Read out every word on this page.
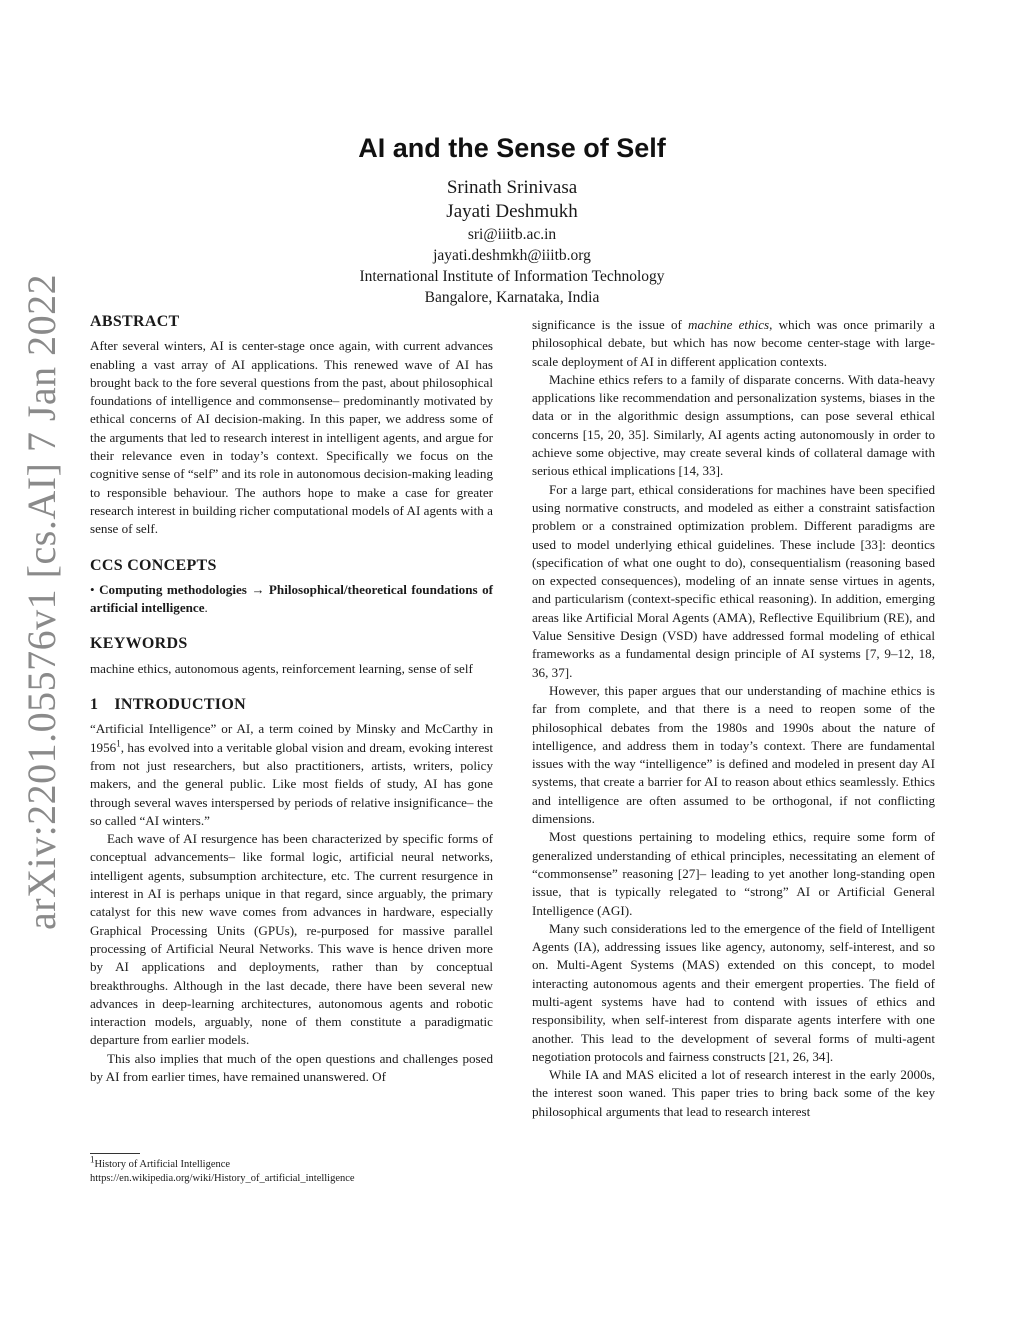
arXiv:2201.05576v1 [cs.AI] 7 Jan 2022
AI and the Sense of Self
Srinath Srinivasa
Jayati Deshmukh
sri@iiitb.ac.in
jayati.deshmkh@iiitb.org
International Institute of Information Technology
Bangalore, Karnataka, India
ABSTRACT

After several winters, AI is center-stage once again, with current advances enabling a vast array of AI applications. This renewed wave of AI has brought back to the fore several questions from the past, about philosophical foundations of intelligence and commonsense– predominantly motivated by ethical concerns of AI decision-making. In this paper, we address some of the arguments that led to research interest in intelligent agents, and argue for their relevance even in today’s context. Specifically we focus on the cognitive sense of “self” and its role in autonomous decision-making leading to responsible behaviour. The authors hope to make a case for greater research interest in building richer computational models of AI agents with a sense of self.

CCS CONCEPTS

• Computing methodologies → Philosophical/theoretical foundations of artificial intelligence.

KEYWORDS

machine ethics, autonomous agents, reinforcement learning, sense of self

1 INTRODUCTION

“Artificial Intelligence” or AI, a term coined by Minsky and McCarthy in 1956$^1$, has evolved into a veritable global vision and dream, evoking interest from not just researchers, but also practitioners, artists, writers, policy makers, and the general public. Like most fields of study, AI has gone through several waves interspersed by periods of relative insignificance– the so called “AI winters.”

Each wave of AI resurgence has been characterized by specific forms of conceptual advancements– like formal logic, artificial neural networks, intelligent agents, subsumption architecture, etc. The current resurgence in interest in AI is perhaps unique in that regard, since arguably, the primary catalyst for this new wave comes from advances in hardware, especially Graphical Processing Units (GPUs), re-purposed for massive parallel processing of Artificial Neural Networks. This wave is hence driven more by AI applications and deployments, rather than by conceptual breakthroughs. Although in the last decade, there have been several new advances in deep-learning architectures, autonomous agents and robotic interaction models, arguably, none of them constitute a paradigmatic departure from earlier models.

This also implies that much of the open questions and challenges posed by AI from earlier times, have remained unanswered. Of

$^1$History of Artificial Intelligence
https://en.wikipedia.org/wiki/History_of_artificial_intelligence

significance is the issue of machine ethics, which was once primarily a philosophical debate, but which has now become center-stage with large-scale deployment of AI in different application contexts.

Machine ethics refers to a family of disparate concerns. With data-heavy applications like recommendation and personalization systems, biases in the data or in the algorithmic design assumptions, can pose several ethical concerns [15, 20, 35]. Similarly, AI agents acting autonomously in order to achieve some objective, may create several kinds of collateral damage with serious ethical implications [14, 33].

For a large part, ethical considerations for machines have been specified using normative constructs, and modeled as either a constraint satisfaction problem or a constrained optimization problem. Different paradigms are used to model underlying ethical guidelines. These include [33]: deontics (specification of what one ought to do), consequentialism (reasoning based on expected consequences), modeling of an innate sense virtues in agents, and particularism (context-specific ethical reasoning). In addition, emerging areas like Artificial Moral Agents (AMA), Reflective Equilibrium (RE), and Value Sensitive Design (VSD) have addressed formal modeling of ethical frameworks as a fundamental design principle of AI systems [7, 9–12, 18, 36, 37].

However, this paper argues that our understanding of machine ethics is far from complete, and that there is a need to reopen some of the philosophical debates from the 1980s and 1990s about the nature of intelligence, and address them in today’s context. There are fundamental issues with the way “intelligence” is defined and modeled in present day AI systems, that create a barrier for AI to reason about ethics seamlessly. Ethics and intelligence are often assumed to be orthogonal, if not conflicting dimensions.

Most questions pertaining to modeling ethics, require some form of generalized understanding of ethical principles, necessitating an element of “commonsense” reasoning [27]– leading to yet another long-standing open issue, that is typically relegated to “strong” AI or Artificial General Intelligence (AGI).

Many such considerations led to the emergence of the field of Intelligent Agents (IA), addressing issues like agency, autonomy, self-interest, and so on. Multi-Agent Systems (MAS) extended on this concept, to model interacting autonomous agents and their emergent properties. The field of multi-agent systems have had to contend with issues of ethics and responsibility, when self-interest from disparate agents interfere with one another. This lead to the development of several forms of multi-agent negotiation protocols and fairness constructs [21, 26, 34].

While IA and MAS elicited a lot of research interest in the early 2000s, the interest soon waned. This paper tries to bring back some of the key philosophical arguments that lead to research interest
